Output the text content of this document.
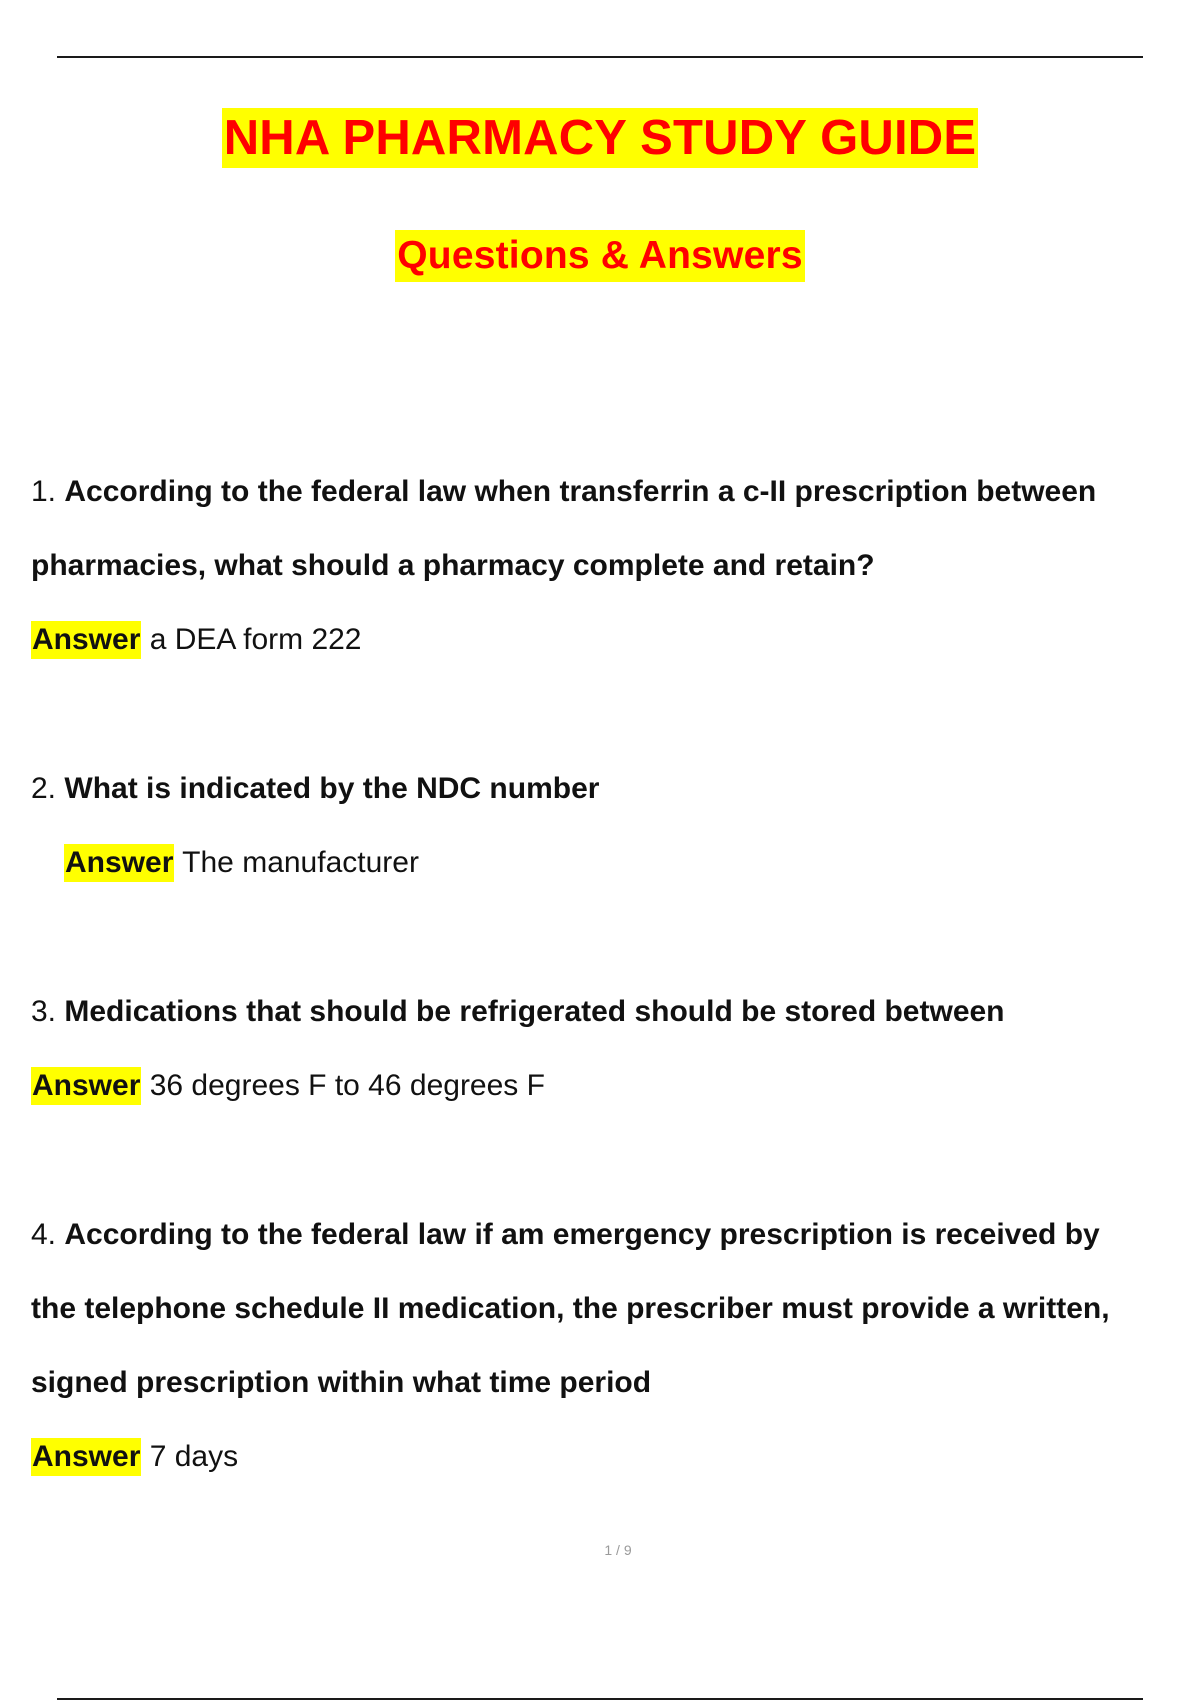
NHA PHARMACY STUDY GUIDE
Questions & Answers
1. According to the federal law when transferrin a c-II prescription between
pharmacies, what should a pharmacy complete and retain?
Answer a DEA form 222
2. What is indicated by the NDC number
Answer The manufacturer
3. Medications that should be refrigerated should be stored between
Answer 36 degrees F to 46 degrees F
4. According to the federal law if am emergency prescription is received by
the telephone schedule II medication, the prescriber must provide a written,
signed prescription within what time period
Answer 7 days
1 / 9
